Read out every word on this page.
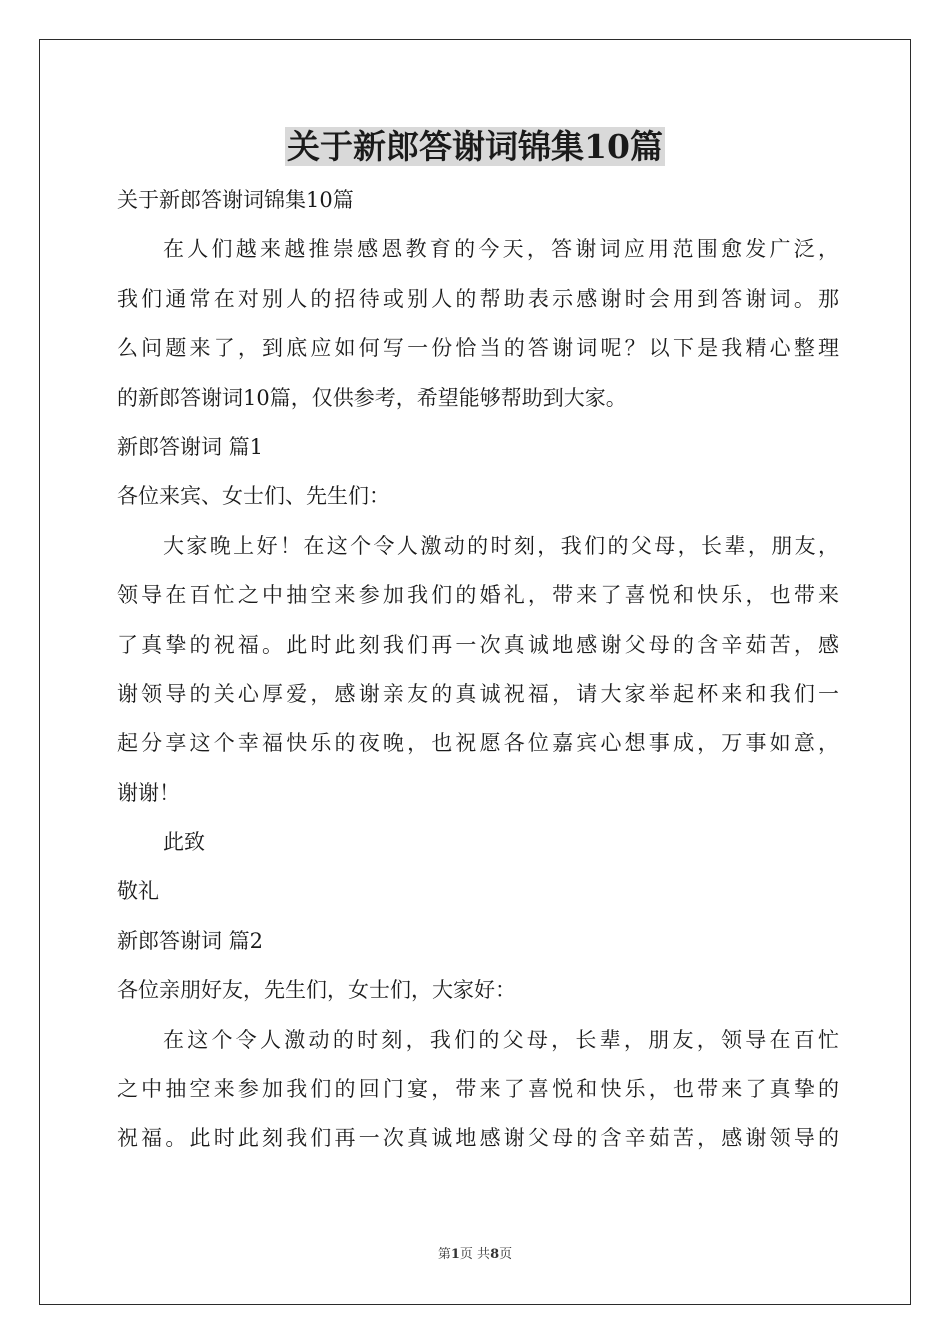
关于新郎答谢词锦集10篇
关于新郎答谢词锦集10篇
在人们越来越推崇感恩教育的今天，答谢词应用范围愈发广泛，
我们通常在对别人的招待或别人的帮助表示感谢时会用到答谢词。那
么问题来了，到底应如何写一份恰当的答谢词呢？以下是我精心整理
的新郎答谢词10篇，仅供参考，希望能够帮助到大家。
新郎答谢词 篇1
各位来宾、女士们、先生们：
大家晚上好！在这个令人激动的时刻，我们的父母，长辈，朋友，
领导在百忙之中抽空来参加我们的婚礼，带来了喜悦和快乐，也带来
了真挚的祝福。此时此刻我们再一次真诚地感谢父母的含辛茹苦，感
谢领导的关心厚爱，感谢亲友的真诚祝福，请大家举起杯来和我们一
起分享这个幸福快乐的夜晚，也祝愿各位嘉宾心想事成，万事如意，
谢谢！
此致
敬礼
新郎答谢词 篇2
各位亲朋好友，先生们，女士们，大家好：
在这个令人激动的时刻，我们的父母，长辈，朋友，领导在百忙
之中抽空来参加我们的回门宴，带来了喜悦和快乐，也带来了真挚的
祝福。此时此刻我们再一次真诚地感谢父母的含辛茹苦，感谢领导的
第1页 共8页
